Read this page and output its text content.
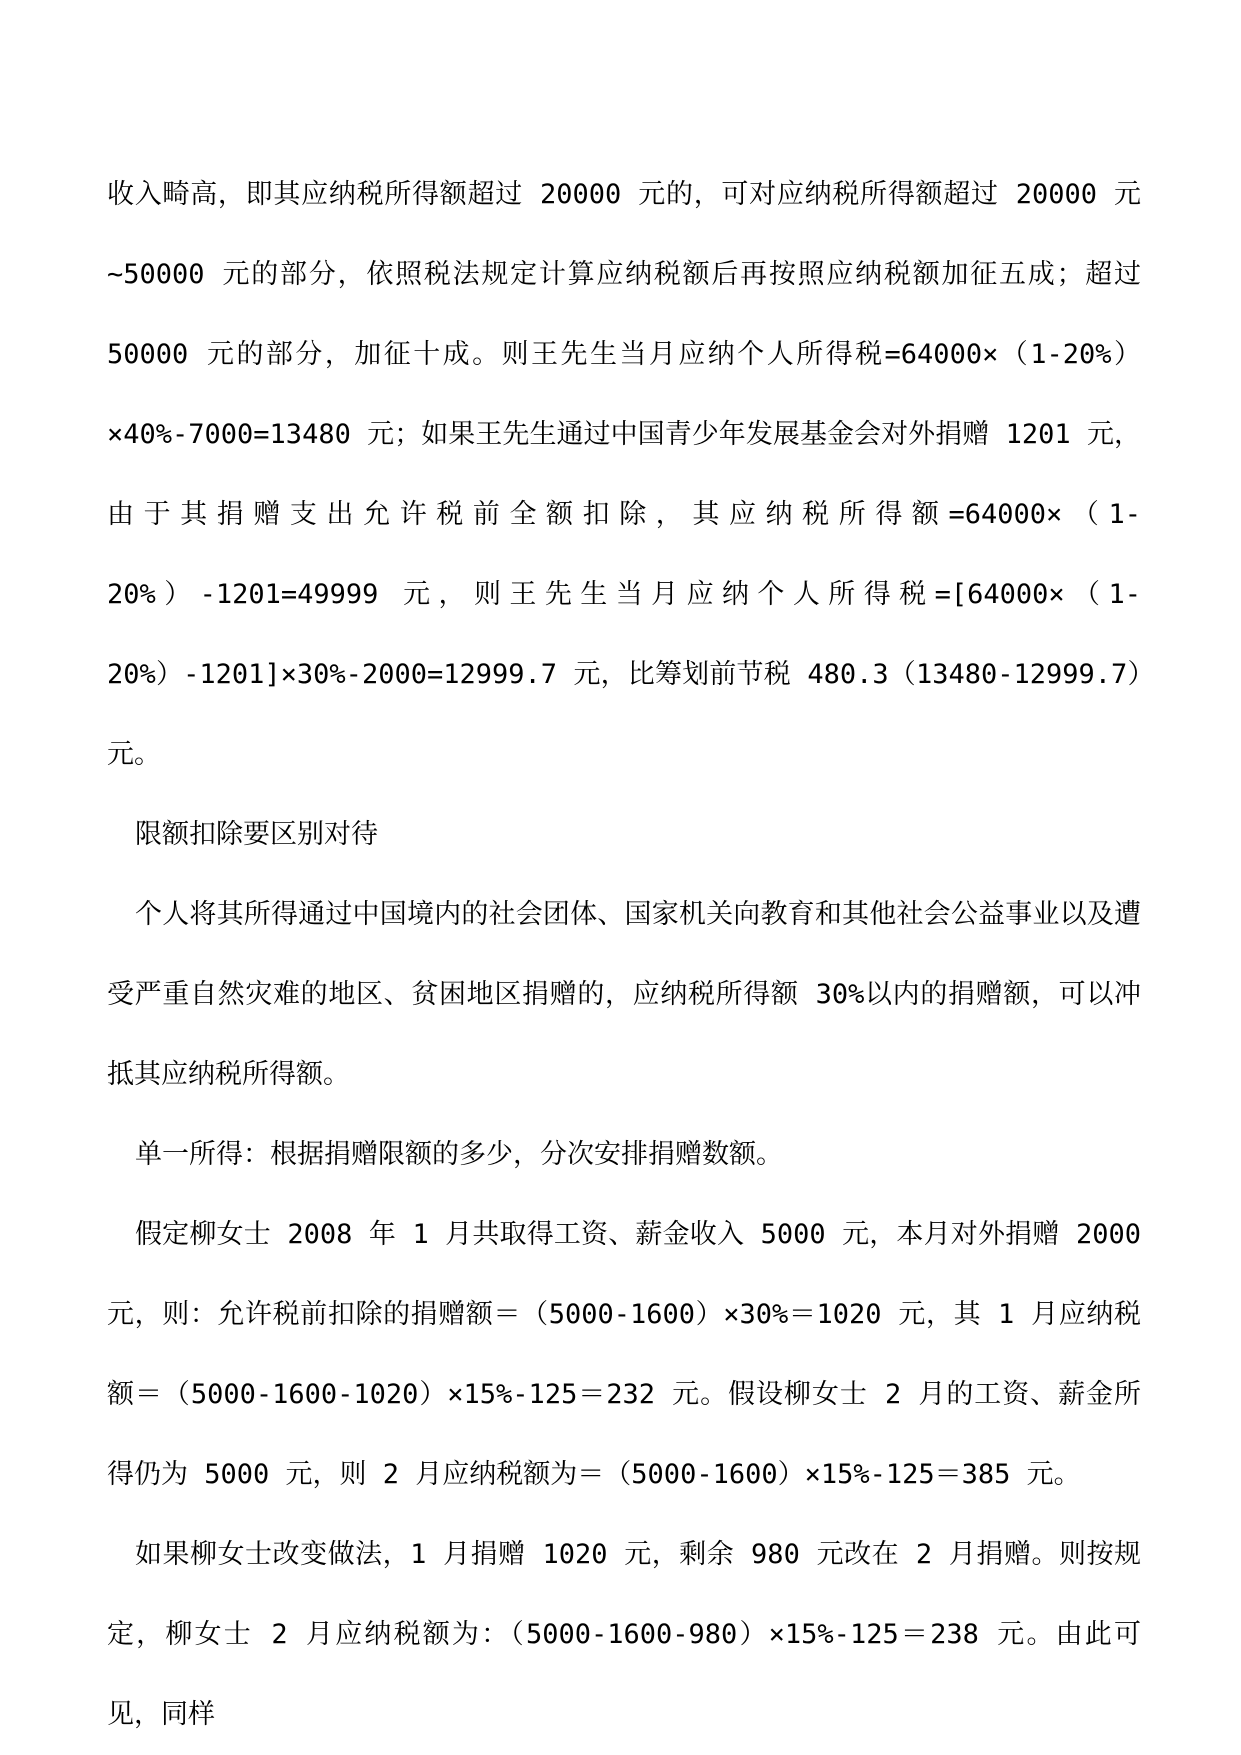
收入畸高，即其应纳税所得额超过 20000 元的，可对应纳税所得额超过 20000 元~50000 元的部分，依照税法规定计算应纳税额后再按照应纳税额加征五成；超过 50000 元的部分，加征十成。则王先生当月应纳个人所得税=64000×（1-20%）×40%-7000=13480 元；如果王先生通过中国青少年发展基金会对外捐赠 1201 元，由于其捐赠支出允许税前全额扣除，其应纳税所得额=64000×（1-20%）-1201=49999 元，则王先生当月应纳个人所得税=[64000×（1-20%）-1201]×30%-2000=12999.7 元，比筹划前节税 480.3（13480-12999.7）元。

限额扣除要区别对待

个人将其所得通过中国境内的社会团体、国家机关向教育和其他社会公益事业以及遭受严重自然灾难的地区、贫困地区捐赠的，应纳税所得额 30%以内的捐赠额，可以冲抵其应纳税所得额。

单一所得：根据捐赠限额的多少，分次安排捐赠数额。

假定柳女士 2008 年 1 月共取得工资、薪金收入 5000 元，本月对外捐赠 2000 元，则：允许税前扣除的捐赠额＝（5000-1600）×30%＝1020 元，其 1 月应纳税额＝（5000-1600-1020）×15%-125＝232 元。假设柳女士 2 月的工资、薪金所得仍为 5000 元，则 2 月应纳税额为＝（5000-1600）×15%-125＝385 元。

如果柳女士改变做法，1 月捐赠 1020 元，剩余 980 元改在 2 月捐赠。则按规定，柳女士 2 月应纳税额为：（5000-1600-980）×15%-125＝238 元。由此可见，同样
